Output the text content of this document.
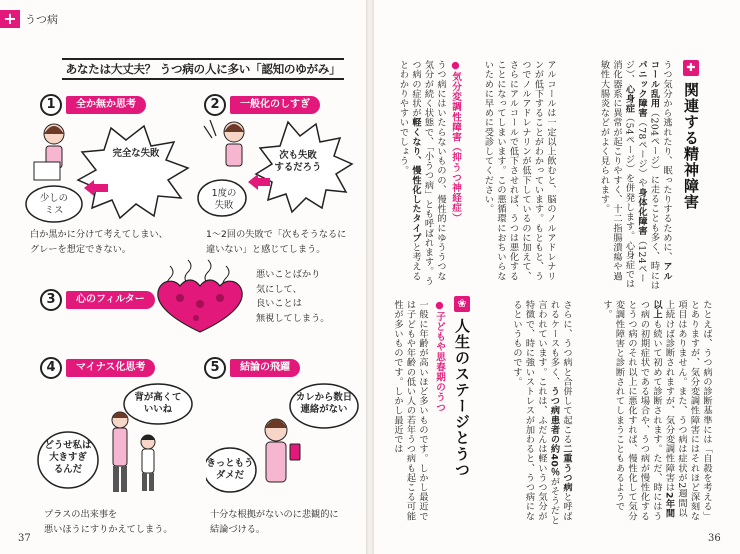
+ うつ病
あなたは大丈夫？ うつ病の人に多い「認知のゆがみ」
1	全か無か思考
完全な失敗
少しの
ミス
白か黒かに分けて考えてしまい、
グレーを想定できない。
2	一般化のしすぎ
次も失敗
するだろう
1度の
失敗
1～2回の失敗で「次もそうなるに
違いない」と感じてしまう。
3	心のフィルター
悪いことばかり
気にして、
良いことは
無視してしまう。
4	マイナス化思考
背が高くて
いいね
どうせ私は
大きすぎ
るんだ
プラスの出来事を
悪いほうにすりかえてしまう。
5	結論の飛躍
カレから数日
連絡がない
きっともう
ダメだ
十分な根拠がないのに悲観的に
結論づける。
37
✚
関連する精神障害
うつ気分から逃れたり、眠ったりするために、アルコール乱用（204ページ）に走ることも多く、時にはパニック障害（78ページ）や身体化障害（124ページ）、心身症（54ページ）を併発します。心身症では消化器系に異常が起こりやすく、十二指腸潰瘍や過敏性大腸炎などがよく見られます。
アルコールは一定以上飲むと、脳のノルアドレナリンが低下することがわかっています。もともと、うつでノルアドレナリンが低下しているのに加えて、さらにアルコールで低下させれば、うつは悪化することになってしまいます。この悪循環におちいらないために早めに受診してください。
●気分変調性障害（抑うつ神経症）
うつ病にはいたらないものの、慢性的にゆううつな気分が続く状態で、「小うつ病」とも呼ばれます。うつ病の症状が軽くなり、慢性化したタイプと考えるとわかりやすいでしょう。
たとえば、うつ病の診断基準には「自殺を考える」とありますが、気分変調性障害にはそれほど深刻な項目はありません。また、うつ病は症状が2週間以上続けば診断されますが、気分変調性障害は2年間以上も続いて初めて診断されます。ただ、時にはうつ病の初期症状である場合や、うつ病が慢性化するとうつ病のそれ以上に悪化すれば、慢性化して気分変調性障害と診断されてしまうこともあるようです。
さらに、うつ病と合併して起こる二重うつ病と呼ばれるケースも多く、うつ病患者の約40％がそうだと言われています。これは、ふだんは軽いうつ気分が特徴で、時に強いストレスが加わると、うつ病になるというものです。
❀
人生のステージとうつ
●子どもや思春期のうつ
一般に年齢が高いほど多いものです。しかし最近では子どもや年齢の低い人の若年うつ病も起こる可能性が多いものです。しかし最近では
36
